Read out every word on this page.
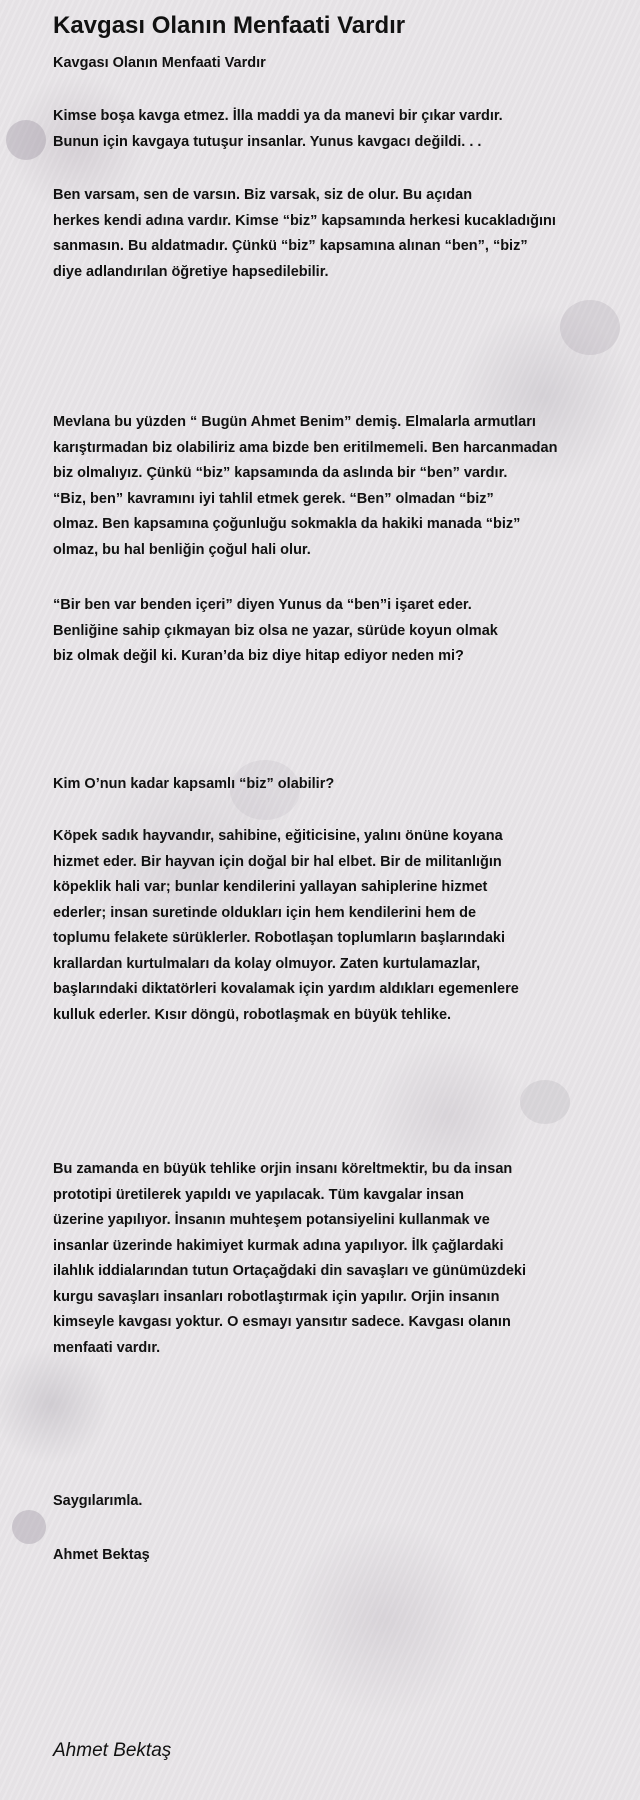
Kavgası Olanın Menfaati Vardır
Kavgası Olanın Menfaati Vardır

Kimse boşa kavga etmez. İlla maddi ya da manevi bir çıkar vardır.
Bunun için kavgaya tutuşur insanlar. Yunus kavgacı değildi. . .

Ben varsam, sen de varsın. Biz varsak, siz de olur. Bu açıdan
herkes kendi adına vardır. Kimse “biz” kapsamında herkesi kucakladığını
sanmasın. Bu aldatmadır. Çünkü “biz” kapsamına alınan “ben”, “biz”
diye adlandırılan öğretiye hapsedilebilir.

Mevlana bu yüzden “ Bugün Ahmet Benim” demiş. Elmalarla armutları
karıştırmadan biz olabiliriz ama bizde ben eritilmemeli. Ben harcanmadan
biz olmalıyız. Çünkü “biz” kapsamında da aslında bir “ben” vardır.
“Biz, ben” kavramını iyi tahlil etmek gerek. “Ben” olmadan “biz”
olmaz. Ben kapsamına çoğunluğu sokmakla da hakiki manada “biz”
olmaz, bu hal benliğin çoğul hali olur.

“Bir ben var benden içeri” diyen Yunus da “ben”i işaret eder.
Benliğine sahip çıkmayan biz olsa ne yazar, sürüde koyun olmak
biz olmak değil ki. Kuran’da biz diye hitap ediyor neden mi?

Kim O’nun kadar kapsamlı “biz” olabilir?

Köpek sadık hayvandır, sahibine, eğiticisine, yalını önüne koyana
hizmet eder. Bir hayvan için doğal bir hal elbet. Bir de militanlığın
köpeklik hali var; bunlar kendilerini yallayan sahiplerine hizmet
ederler; insan suretinde oldukları için hem kendilerini hem de
toplumu felakete sürüklerler. Robotlaşan toplumların başlarındaki
krallardan kurtulmaları da kolay olmuyor. Zaten kurtulamazlar,
başlarındaki diktatörleri kovalamak için yardım aldıkları egemenlere
kulluk ederler. Kısır döngü, robotlaşmak en büyük tehlike.

Bu zamanda en büyük tehlike orjin insanı köreltmektir, bu da insan
prototipi üretilerek yapıldı ve yapılacak. Tüm kavgalar insan
üzerine yapılıyor. İnsanın muhteşem potansiyelini kullanmak ve
insanlar üzerinde hakimiyet kurmak adına yapılıyor. İlk çağlardaki
ilahlık iddialarından tutun Ortaçağdaki din savaşları ve günümüzdeki
kurgu savaşları insanları robotlaştırmak için yapılır. Orjin insanın
kimseyle kavgası yoktur. O esmayı yansıtır sadece. Kavgası olanın
menfaati vardır.

Saygılarımla.

Ahmet Bektaş

Ahmet Bektaş
